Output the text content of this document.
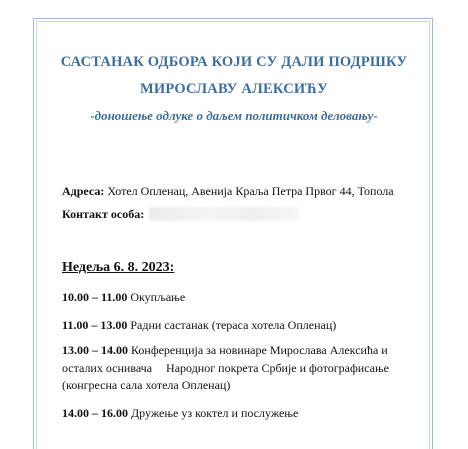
САСТАНАК ОДБОРА КОЈИ СУ ДАЛИ ПОДРШКУ
МИРОСЛАВУ АЛЕКСИЋУ

-доношење одлуке о даљем политичком деловању-

Адреса: Хотел Опленац, Авенија Краља Петра Првог 44, Топола
Контакт особа:
Недеља 6. 8. 2023:
10.00 – 11.00 Окупљање
11.00 – 13.00 Радни састанак (тераса хотела Опленац)
13.00 – 14.00 Конференција за новинаре Мирослава Алексића и
осталих оснивача Народног покрета Србије и фотографисање
(конгресна сала хотела Опленац)
14.00 – 16.00 Дружење уз коктел и послужење
